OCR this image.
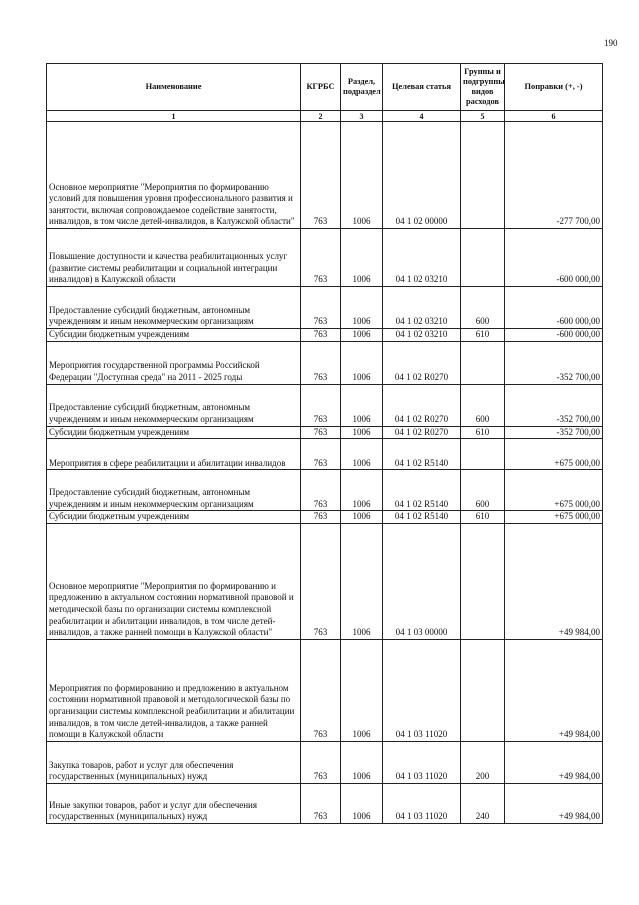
190
Наименование	КГРБС	Раздел, подраздел	Целевая статья	Группы и подгруппы видов расходов	Поправки (+, -)
1	2	3	4	5	6
Основное мероприятие "Мероприятия по формированию условий для повышения уровня профессионального развития и занятости, включая сопровождаемое содействие занятости, инвалидов, в том числе детей-инвалидов, в Калужской области"	763	1006	04 1 02 00000		-277 700,00
Повышение доступности и качества реабилитационных услуг (развитие системы реабилитации и социальной интеграции инвалидов) в Калужской области	763	1006	04 1 02 03210		-600 000,00
Предоставление субсидий бюджетным, автономным учреждениям и иным некоммерческим организациям	763	1006	04 1 02 03210	600	-600 000,00
Субсидии бюджетным учреждениям	763	1006	04 1 02 03210	610	-600 000,00
Мероприятия государственной программы Российской Федерации "Доступная среда" на 2011 - 2025 годы	763	1006	04 1 02 R0270		-352 700,00
Предоставление субсидий бюджетным, автономным учреждениям и иным некоммерческим организациям	763	1006	04 1 02 R0270	600	-352 700,00
Субсидии бюджетным учреждениям	763	1006	04 1 02 R0270	610	-352 700,00
Мероприятия в сфере реабилитации и абилитации инвалидов	763	1006	04 1 02 R5140		+675 000,00
Предоставление субсидий бюджетным, автономным учреждениям и иным некоммерческим организациям	763	1006	04 1 02 R5140	600	+675 000,00
Субсидии бюджетным учреждениям	763	1006	04 1 02 R5140	610	+675 000,00
Основное мероприятие "Мероприятия по формированию и предложению в актуальном состоянии нормативной правовой и методической базы по организации системы комплексной реабилитации и абилитации инвалидов, в том числе детей-инвалидов, а также ранней помощи в Калужской области"	763	1006	04 1 03 00000		+49 984,00
Мероприятия по формированию и предложению в актуальном состоянии нормативной правовой и методологической базы по организации системы комплексной реабилитации и абилитации инвалидов, в том числе детей-инвалидов, а также ранней помощи в Калужской области	763	1006	04 1 03 11020		+49 984,00
Закупка товаров, работ и услуг для обеспечения государственных (муниципальных) нужд	763	1006	04 1 03 11020	200	+49 984,00
Иные закупки товаров, работ и услуг для обеспечения государственных (муниципальных) нужд	763	1006	04 1 03 11020	240	+49 984,00
